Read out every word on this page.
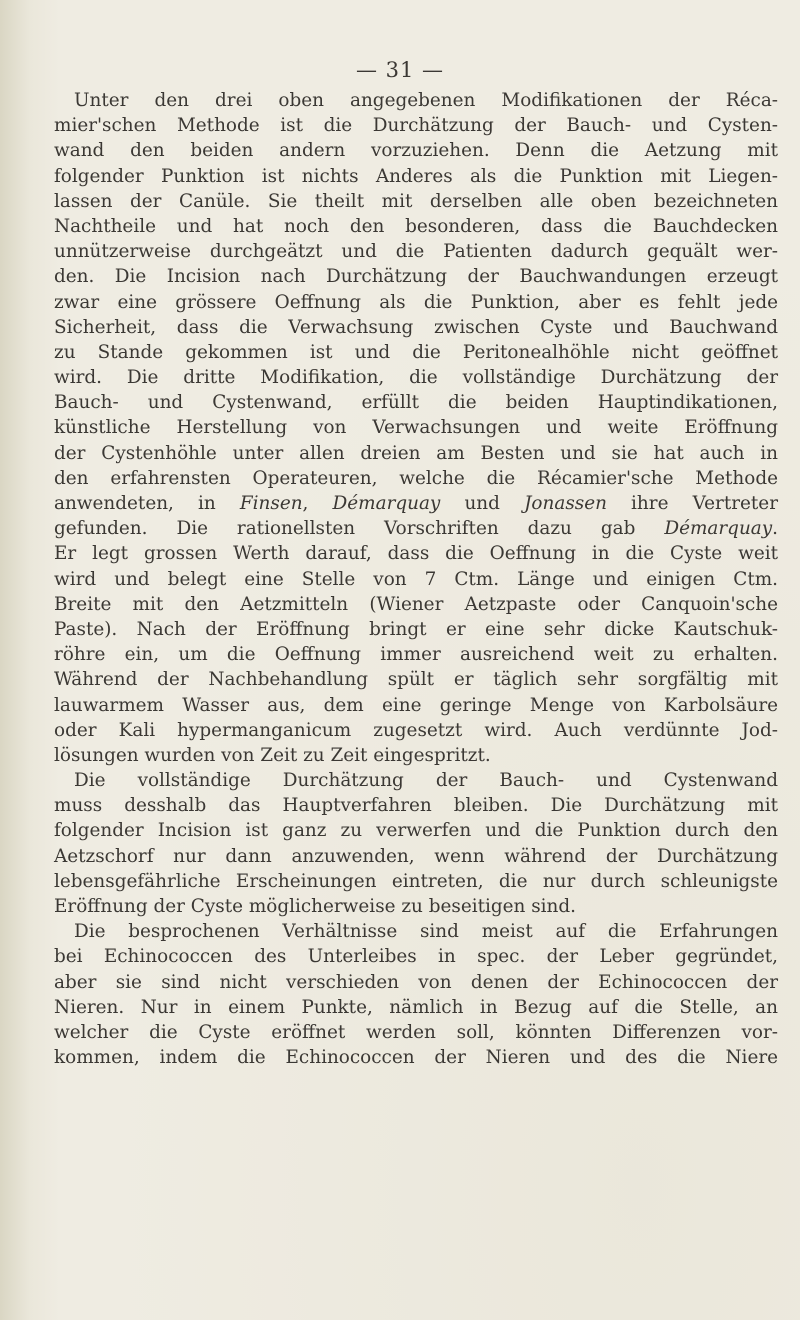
— 31 —
Unter den drei oben angegebenen Modifikationen der Réca-
mier'schen Methode ist die Durchätzung der Bauch- und Cysten-
wand den beiden andern vorzuziehen. Denn die Aetzung mit
folgender Punktion ist nichts Anderes als die Punktion mit Liegen-
lassen der Canüle. Sie theilt mit derselben alle oben bezeichneten
Nachtheile und hat noch den besonderen, dass die Bauchdecken
unnützerweise durchgeätzt und die Patienten dadurch gequält wer-
den. Die Incision nach Durchätzung der Bauchwandungen erzeugt
zwar eine grössere Oeffnung als die Punktion, aber es fehlt jede
Sicherheit, dass die Verwachsung zwischen Cyste und Bauchwand
zu Stande gekommen ist und die Peritonealhöhle nicht geöffnet
wird. Die dritte Modifikation, die vollständige Durchätzung der
Bauch- und Cystenwand, erfüllt die beiden Hauptindikationen,
künstliche Herstellung von Verwachsungen und weite Eröffnung
der Cystenhöhle unter allen dreien am Besten und sie hat auch in
den erfahrensten Operateuren, welche die Récamier'sche Methode
anwendeten, in Finsen, Démarquay und Jonassen ihre Vertreter
gefunden. Die rationellsten Vorschriften dazu gab Démarquay.
Er legt grossen Werth darauf, dass die Oeffnung in die Cyste weit
wird und belegt eine Stelle von 7 Ctm. Länge und einigen Ctm.
Breite mit den Aetzmitteln (Wiener Aetzpaste oder Canquoin'sche
Paste). Nach der Eröffnung bringt er eine sehr dicke Kautschuk-
röhre ein, um die Oeffnung immer ausreichend weit zu erhalten.
Während der Nachbehandlung spült er täglich sehr sorgfältig mit
lauwarmem Wasser aus, dem eine geringe Menge von Karbolsäure
oder Kali hypermanganicum zugesetzt wird. Auch verdünnte Jod-
lösungen wurden von Zeit zu Zeit eingespritzt.
Die vollständige Durchätzung der Bauch- und Cystenwand
muss desshalb das Hauptverfahren bleiben. Die Durchätzung mit
folgender Incision ist ganz zu verwerfen und die Punktion durch den
Aetzschorf nur dann anzuwenden, wenn während der Durchätzung
lebensgefährliche Erscheinungen eintreten, die nur durch schleunigste
Eröffnung der Cyste möglicherweise zu beseitigen sind.
Die besprochenen Verhältnisse sind meist auf die Erfahrungen
bei Echinococcen des Unterleibes in spec. der Leber gegründet,
aber sie sind nicht verschieden von denen der Echinococcen der
Nieren. Nur in einem Punkte, nämlich in Bezug auf die Stelle, an
welcher die Cyste eröffnet werden soll, könnten Differenzen vor-
kommen, indem die Echinococcen der Nieren und des die Niere
